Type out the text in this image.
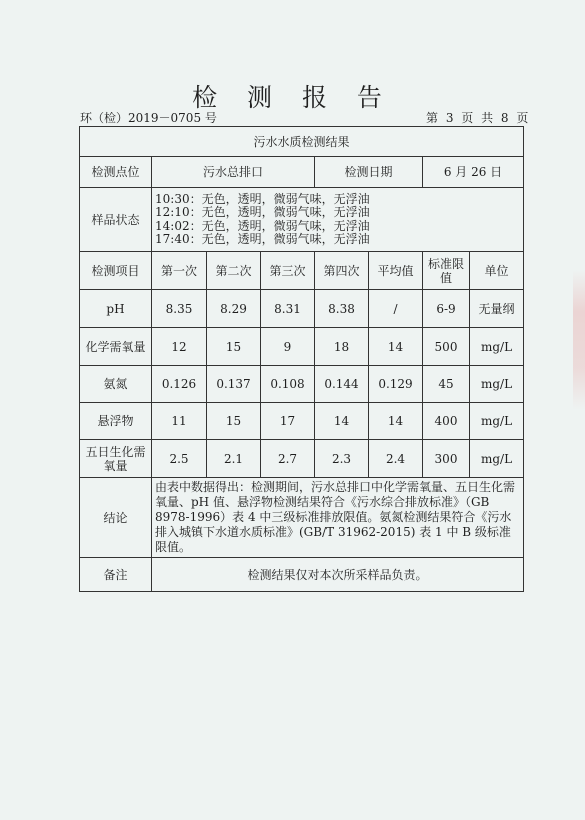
检 测 报 告
环（检）2019－0705 号	第 3 页 共 8 页
污水水质检测结果							
检测点位	污水总排口			检测日期		6 月 26 日	
样品状态	10:30：无色，透明，微弱气味，无浮油
12:10：无色，透明，微弱气味，无浮油
14:02：无色，透明，微弱气味，无浮油
17:40：无色，透明，微弱气味，无浮油						

检测项目	第一次	第二次	第三次	第四次	平均值	标准限值	单位
pH	8.35	8.29	8.31	8.38	/	6-9	无量纲
化学需氧量	12	15	9	18	14	500	mg/L
氨氮	0.126	0.137	0.108	0.144	0.129	45	mg/L
悬浮物	11	15	17	14	14	400	mg/L
五日生化需氧量	2.5	2.1	2.7	2.3	2.4	300	mg/L
结论	由表中数据得出：检测期间，污水总排口中化学需氧量、五日生化需氧量、pH 值、悬浮物检测结果符合《污水综合排放标准》（GB 8978-1996）表 4 中三级标准排放限值。氨氮检测结果符合《污水排入城镇下水道水质标准》(GB/T 31962-2015) 表 1 中 B 级标准限值。						
备注	检测结果仅对本次所采样品负责。						
